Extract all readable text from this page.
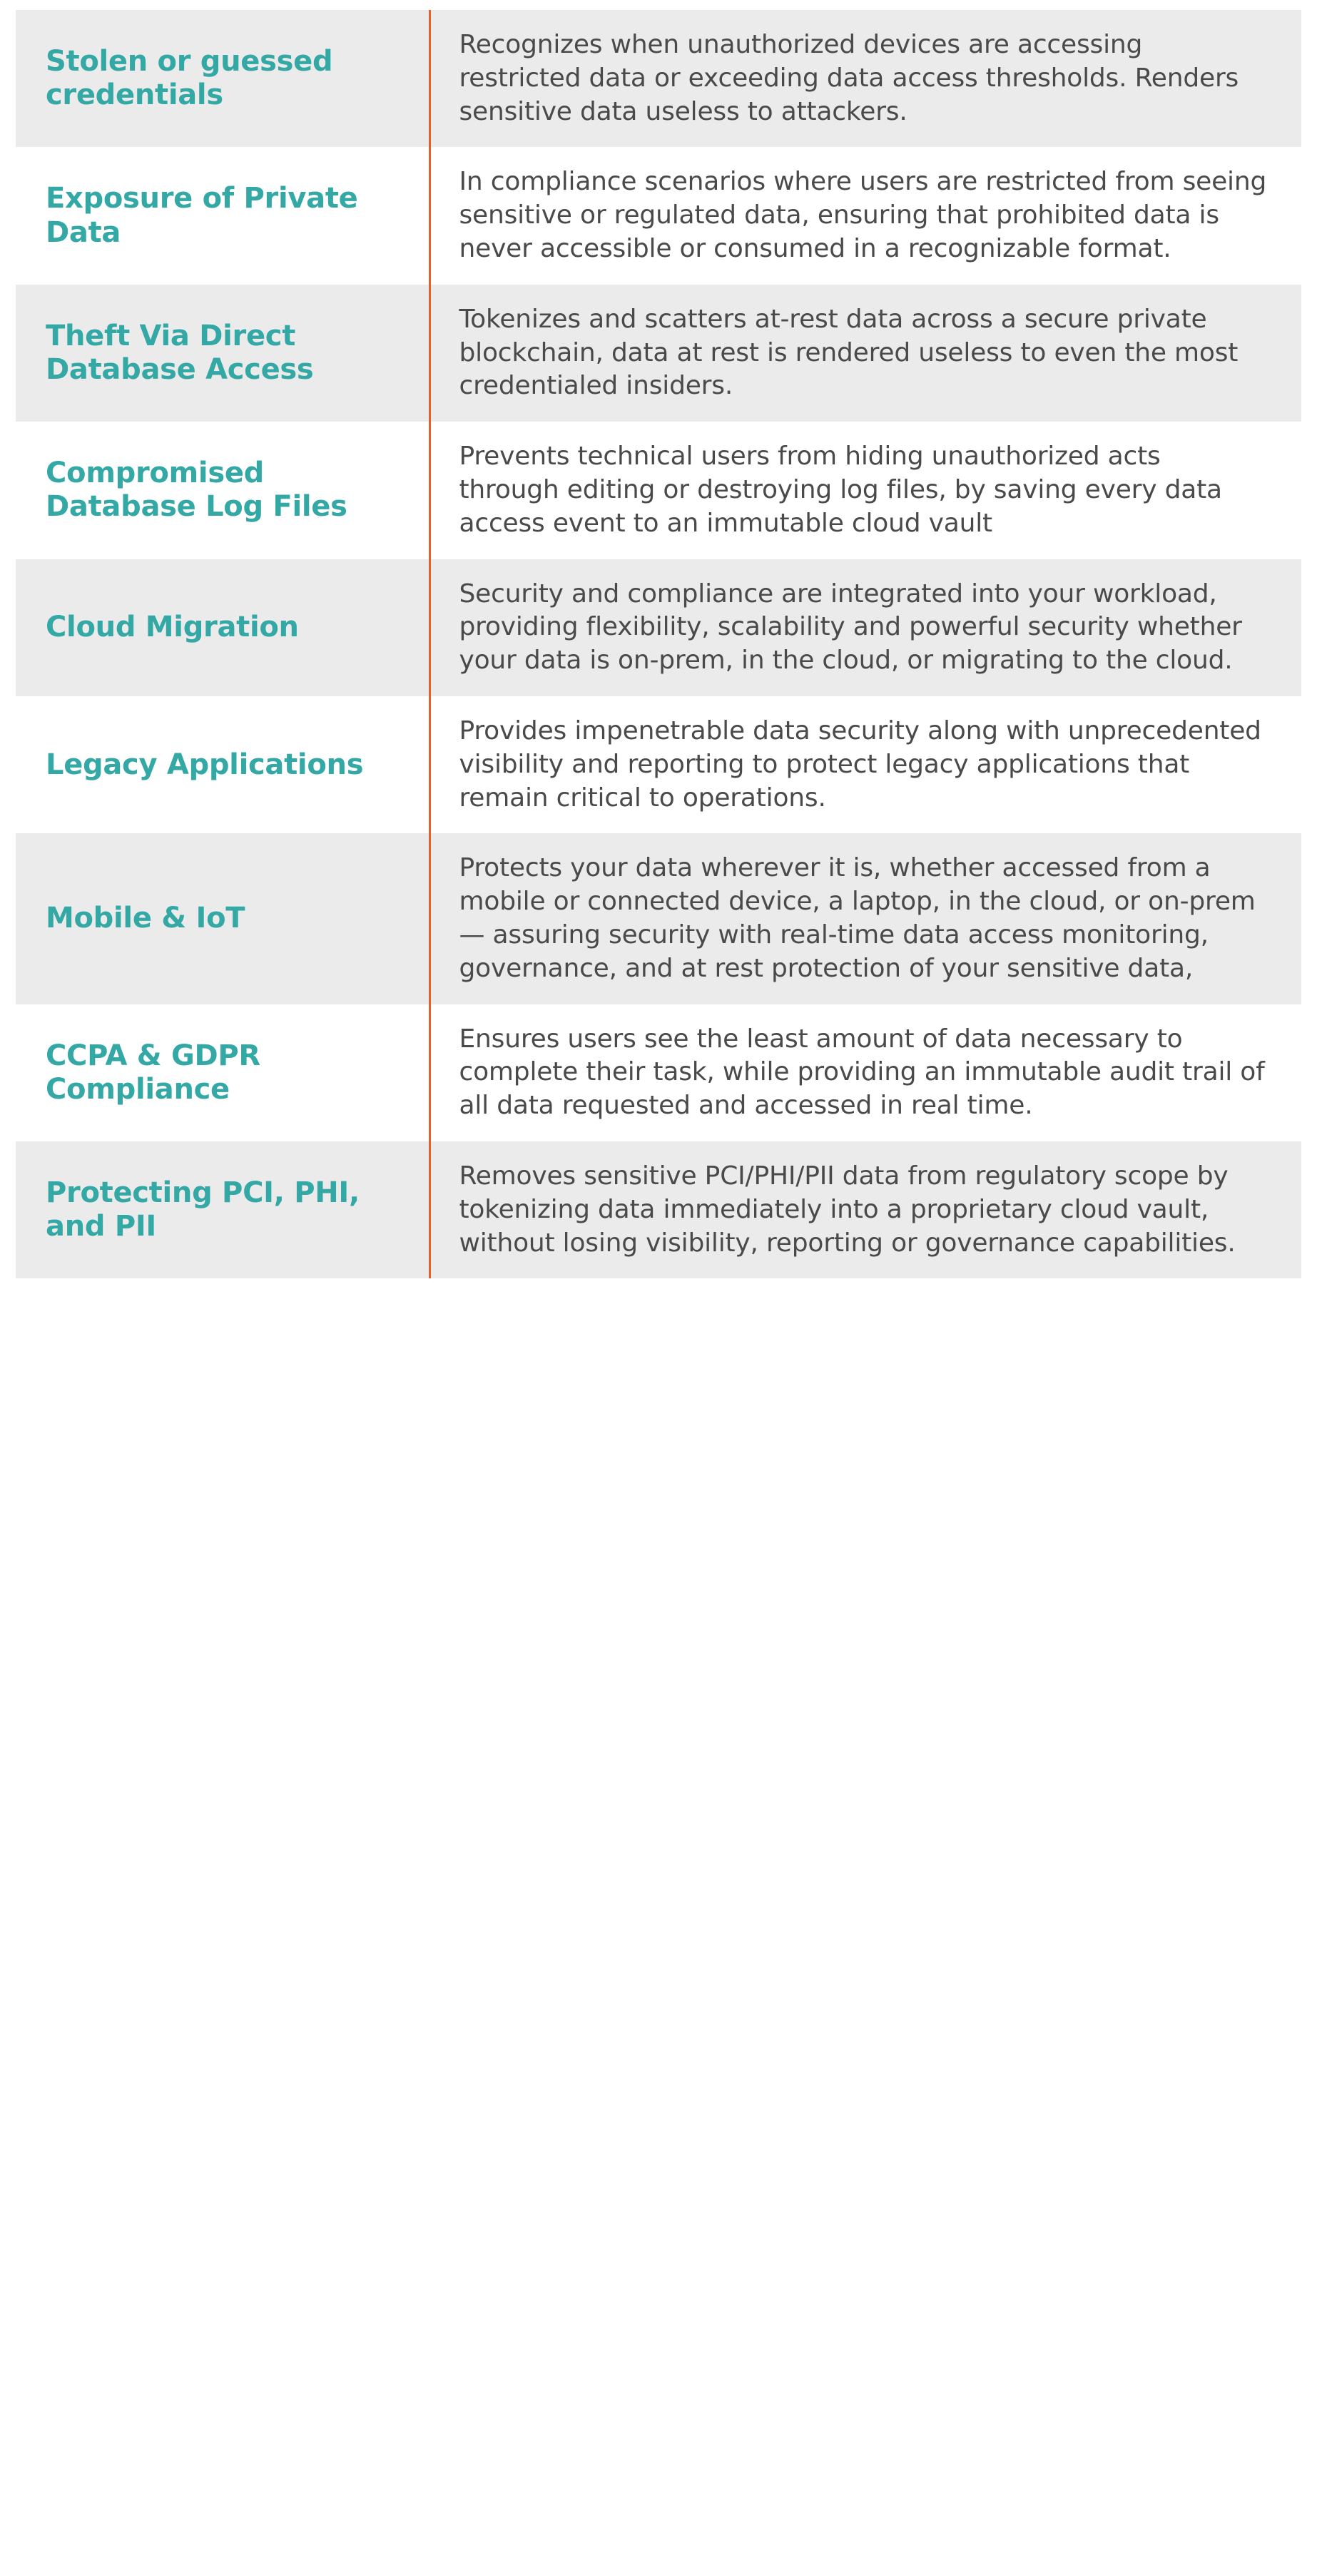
Stolen or guessed credentials	Recognizes when unauthorized devices are accessing restricted data or exceeding data access thresholds. Renders sensitive data useless to attackers.
Exposure of Private Data	In compliance scenarios where users are restricted from seeing sensitive or regulated data, ensuring that prohibited data is never accessible or consumed in a recognizable format.
Theft Via Direct Database Access	Tokenizes and scatters at-rest data across a secure private blockchain, data at rest is rendered useless to even the most credentialed insiders.
Compromised Database Log Files	Prevents technical users from hiding unauthorized acts through editing or destroying log files, by saving every data access event to an immutable cloud vault
Cloud Migration	Security and compliance are integrated into your workload, providing flexibility, scalability and powerful security whether your data is on-prem, in the cloud, or migrating to the cloud.
Legacy Applications	Provides impenetrable data security along with unprecedented visibility and reporting to protect legacy applications that remain critical to operations.
Mobile & IoT	Protects your data wherever it is, whether accessed from a mobile or connected device, a laptop, in the cloud, or on-prem — assuring security with real-time data access monitoring, governance, and at rest protection of your sensitive data,
CCPA & GDPR Compliance	Ensures users see the least amount of data necessary to complete their task, while providing an immutable audit trail of all data requested and accessed in real time.
Protecting PCI, PHI, and PII	Removes sensitive PCI/PHI/PII data from regulatory scope by tokenizing data immediately into a proprietary cloud vault, without losing visibility, reporting or governance capabilities.
